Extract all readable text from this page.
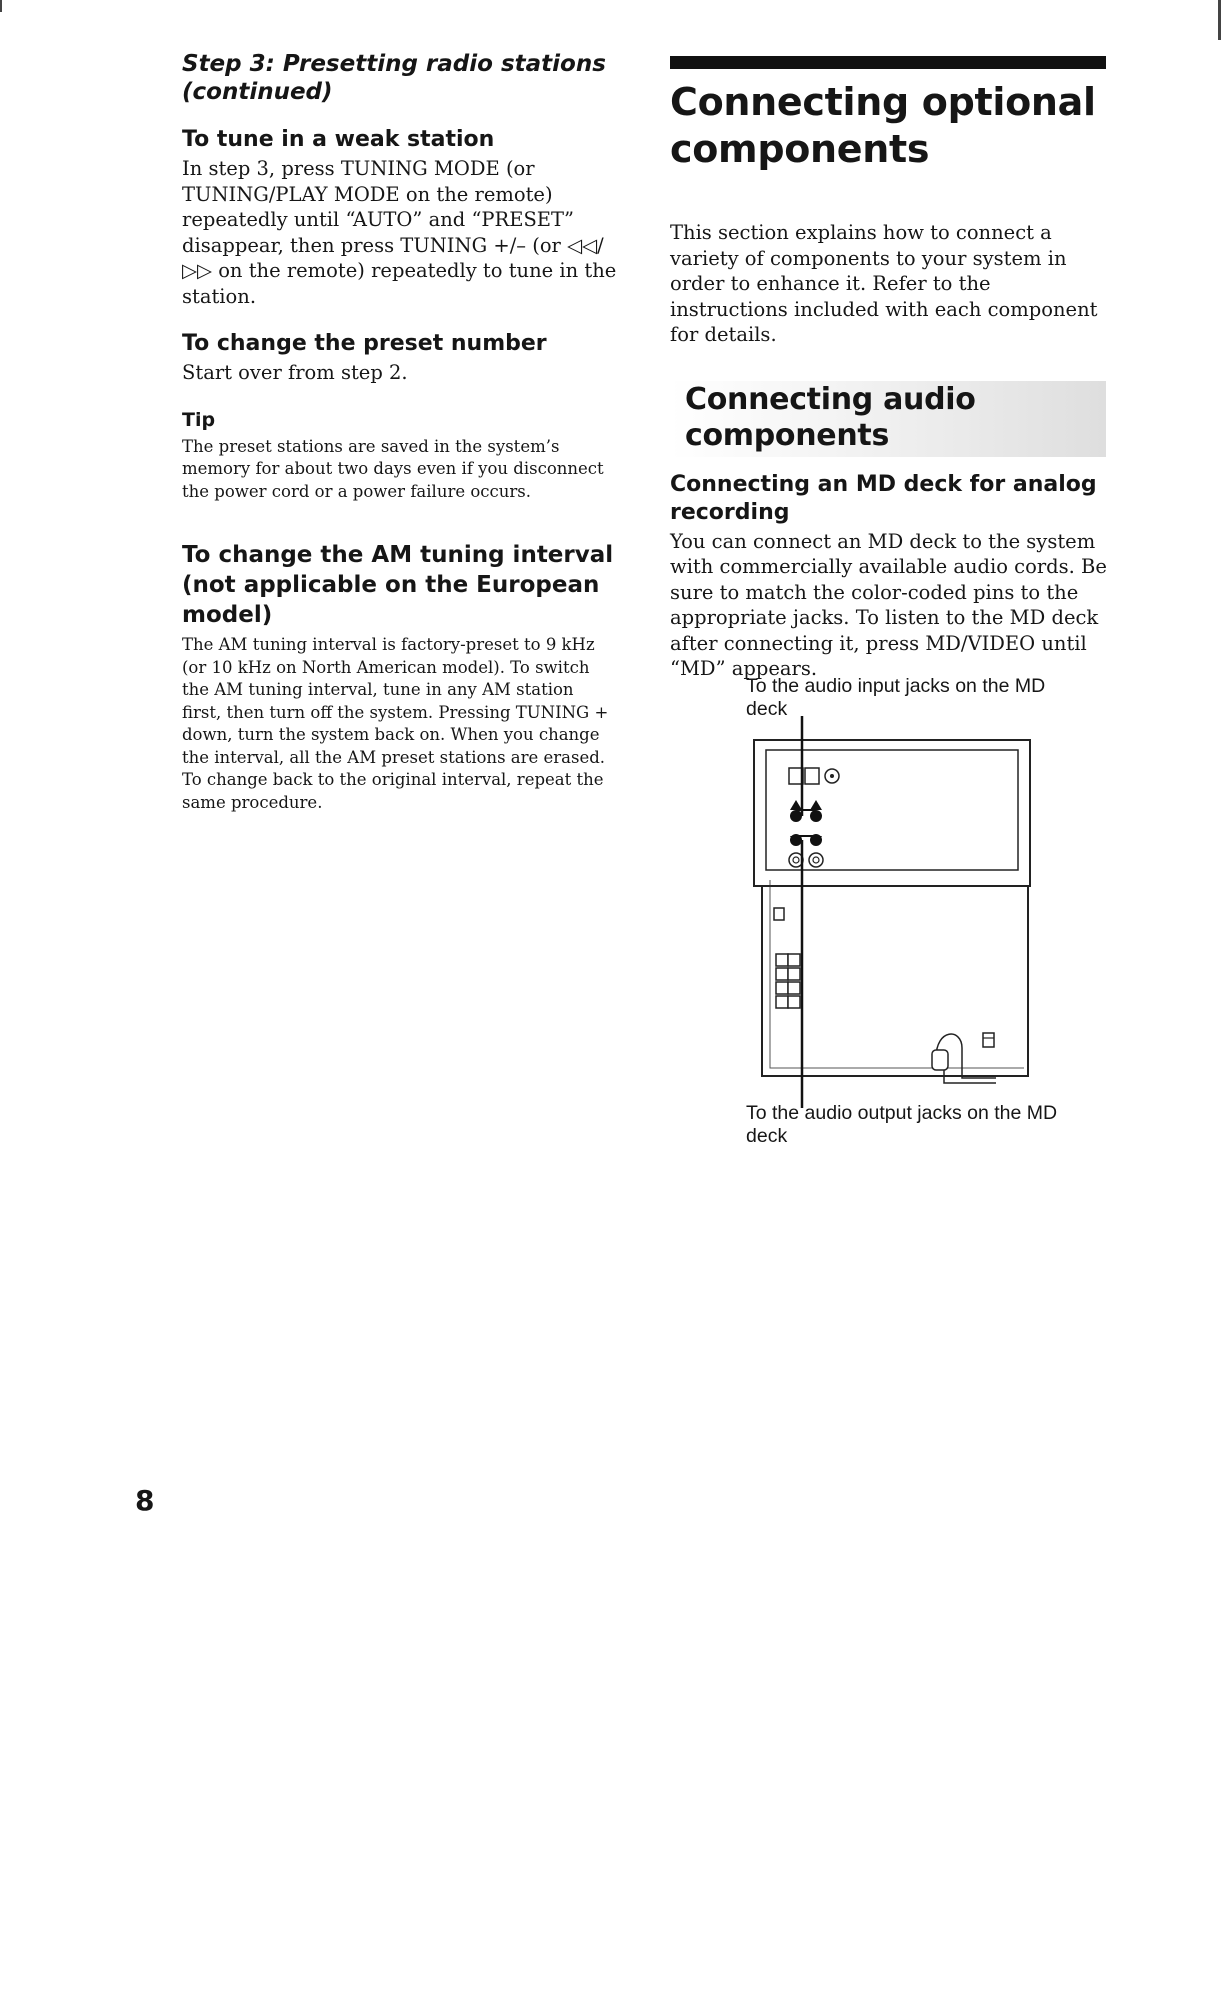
Step 3: Presetting radio stations (continued)

To tune in a weak station

In step 3, press TUNING MODE (or TUNING/PLAY MODE on the remote) repeatedly until “AUTO” and “PRESET” disappear, then press TUNING +/– (or ◁◁/▷▷ on the remote) repeatedly to tune in the station.

To change the preset number

Start over from step 2.

Tip

The preset stations are saved in the system’s memory for about two days even if you disconnect the power cord or a power failure occurs.

To change the AM tuning interval (not applicable on the European model)

The AM tuning interval is factory-preset to 9 kHz (or 10 kHz on North American model). To switch the AM tuning interval, tune in any AM station first, then turn off the system. Pressing TUNING + down, turn the system back on. When you change the interval, all the AM preset stations are erased. To change back to the original interval, repeat the same procedure.

Connecting optional components

This section explains how to connect a variety of components to your system in order to enhance it. Refer to the instructions included with each component for details.

Connecting audio components

Connecting an MD deck for analog recording

You can connect an MD deck to the system with commercially available audio cords. Be sure to match the color-coded pins to the appropriate jacks. To listen to the MD deck after connecting it, press MD/VIDEO until “MD” appears.

To the audio input jacks on the MD deck

To the audio output jacks on the MD deck

8
